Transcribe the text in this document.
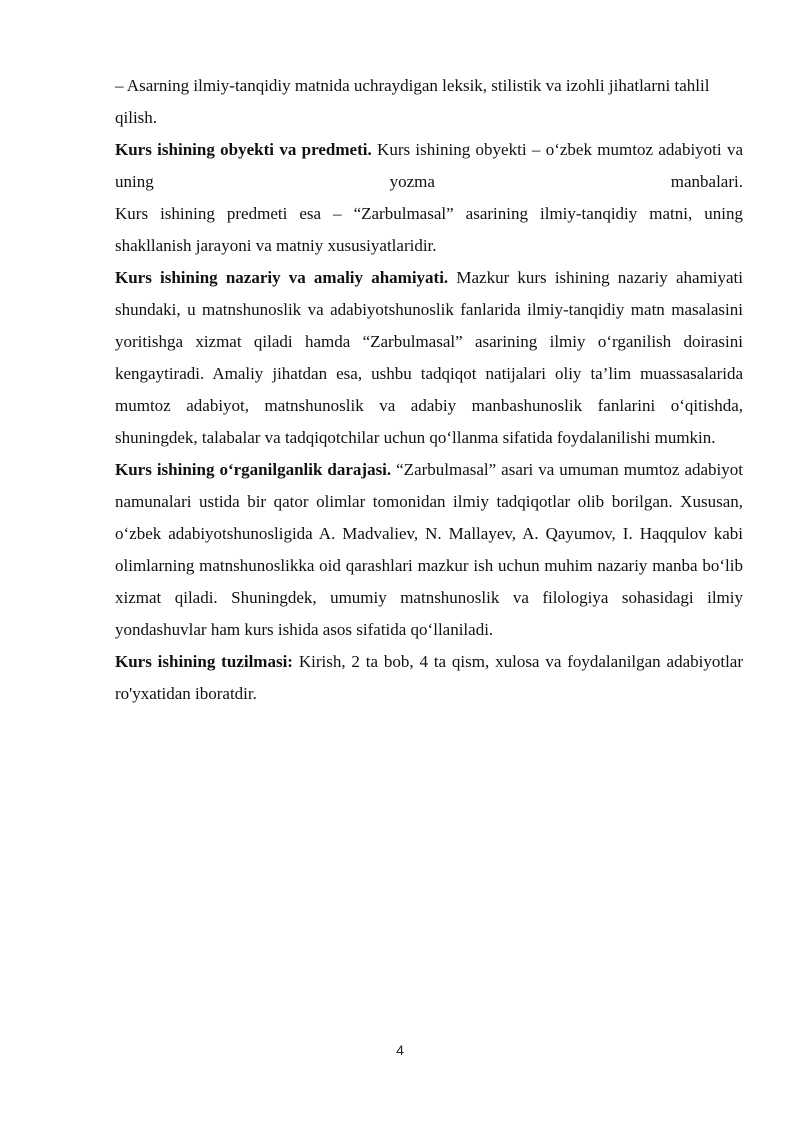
– Asarning ilmiy-tanqidiy matnida uchraydigan leksik, stilistik va izohli jihatlarni tahlil qilish.

Kurs ishining obyekti va predmeti. Kurs ishining obyekti – o‘zbek mumtoz adabiyoti va uning yozma manbalari.
Kurs ishining predmeti esa – “Zarbulmasal” asarining ilmiy-tanqidiy matni, uning shakllanish jarayoni va matniy xususiyatlaridir.

Kurs ishining nazariy va amaliy ahamiyati. Mazkur kurs ishining nazariy ahamiyati shundaki, u matnshunoslik va adabiyotshunoslik fanlarida ilmiy-tanqidiy matn masalasini yoritishga xizmat qiladi hamda “Zarbulmasal” asarining ilmiy o‘rganilish doirasini kengaytiradi. Amaliy jihatdan esa, ushbu tadqiqot natijalari oliy ta’lim muassasalarida mumtoz adabiyot, matnshunoslik va adabiy manbashunoslik fanlarini o‘qitishda, shuningdek, talabalar va tadqiqotchilar uchun qo‘llanma sifatida foydalanilishi mumkin.

Kurs ishining o‘rganilganlik darajasi. “Zarbulmasal” asari va umuman mumtoz adabiyot namunalari ustida bir qator olimlar tomonidan ilmiy tadqiqotlar olib borilgan. Xususan, o‘zbek adabiyotshunosligida A. Madvaliev, N. Mallayev, A. Qayumov, I. Haqqulov kabi olimlarning matnshunoslikka oid qarashlari mazkur ish uchun muhim nazariy manba bo‘lib xizmat qiladi. Shuningdek, umumiy matnshunoslik va filologiya sohasidagi ilmiy yondashuvlar ham kurs ishida asos sifatida qo‘llaniladi.

Kurs ishining tuzilmasi: Kirish, 2 ta bob, 4 ta qism, xulosa va foydalanilgan adabiyotlar ro'yxatidan iboratdir.

4
